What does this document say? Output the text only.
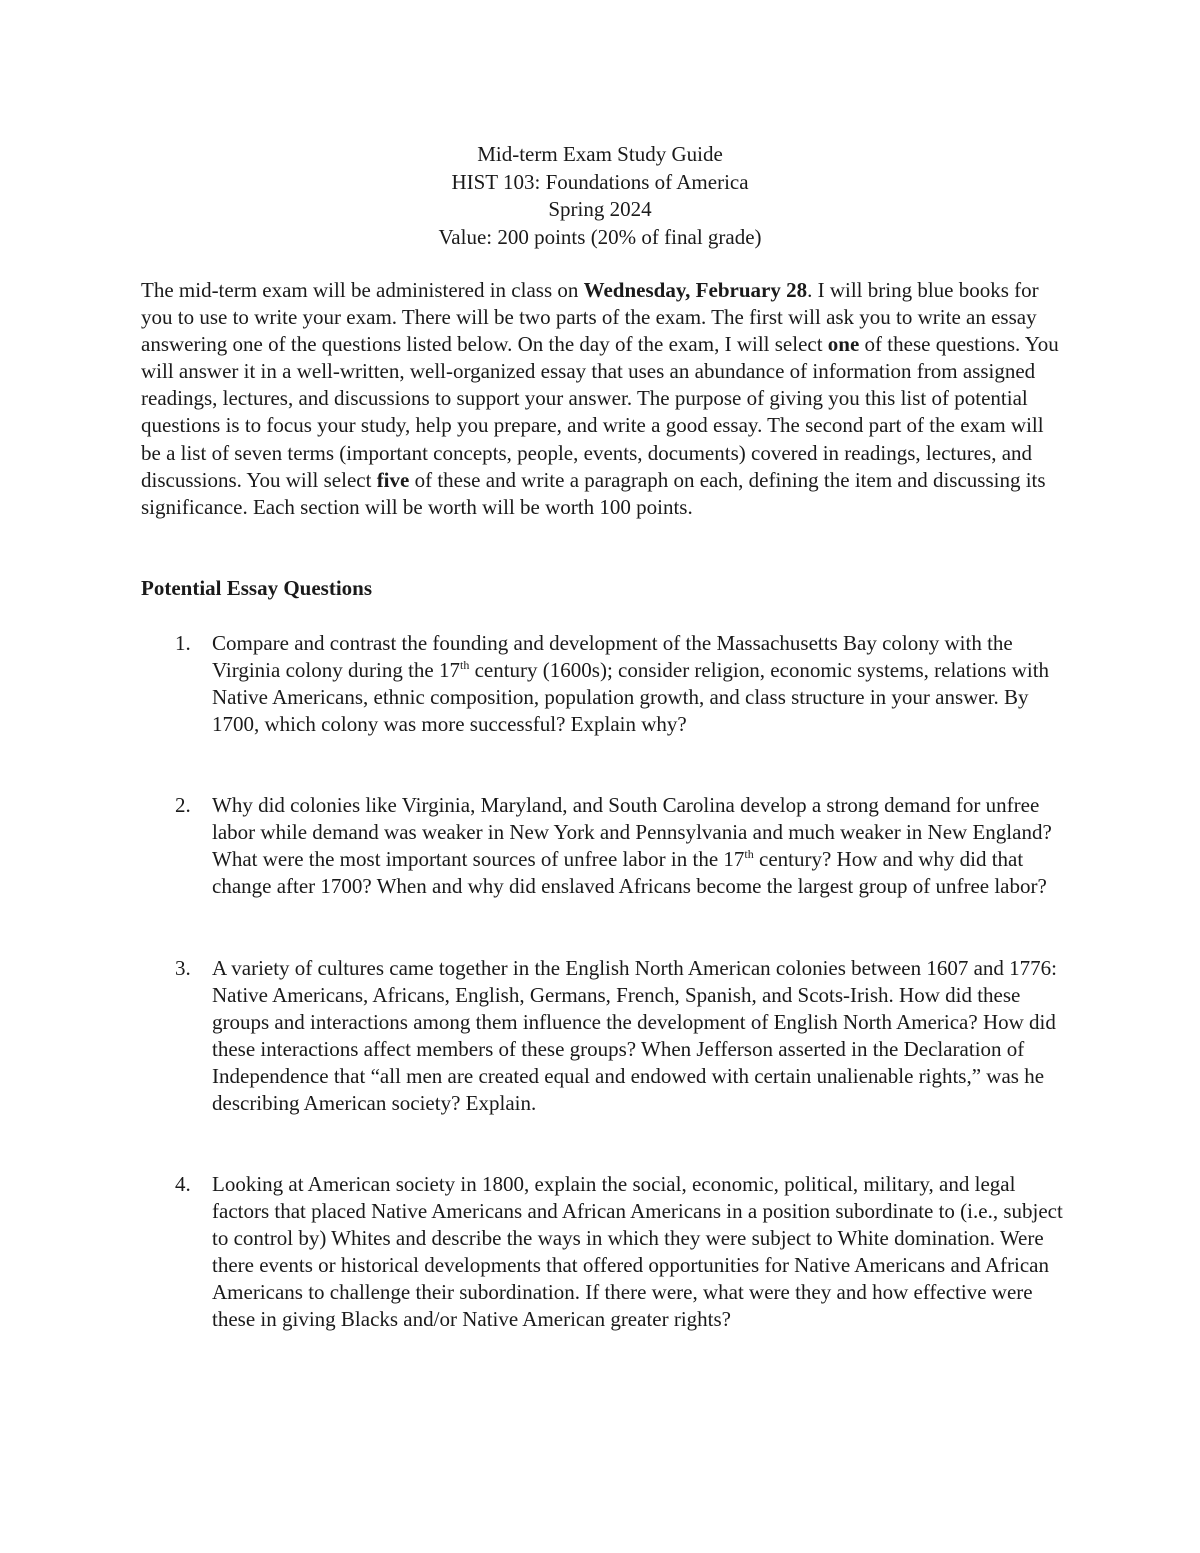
Mid-term Exam Study Guide
HIST 103: Foundations of America
Spring 2024
Value: 200 points (20% of final grade)

The mid-term exam will be administered in class on Wednesday, February 28. I will bring blue books for you to use to write your exam. There will be two parts of the exam. The first will ask you to write an essay answering one of the questions listed below. On the day of the exam, I will select one of these questions. You will answer it in a well-written, well-organized essay that uses an abundance of information from assigned readings, lectures, and discussions to support your answer. The purpose of giving you this list of potential questions is to focus your study, help you prepare, and write a good essay. The second part of the exam will be a list of seven terms (important concepts, people, events, documents) covered in readings, lectures, and discussions. You will select five of these and write a paragraph on each, defining the item and discussing its significance. Each section will be worth will be worth 100 points.

Potential Essay Questions

1. Compare and contrast the founding and development of the Massachusetts Bay colony with the Virginia colony during the 17th century (1600s); consider religion, economic systems, relations with Native Americans, ethnic composition, population growth, and class structure in your answer. By 1700, which colony was more successful? Explain why?
2. Why did colonies like Virginia, Maryland, and South Carolina develop a strong demand for unfree labor while demand was weaker in New York and Pennsylvania and much weaker in New England? What were the most important sources of unfree labor in the 17th century? How and why did that change after 1700? When and why did enslaved Africans become the largest group of unfree labor?
3. A variety of cultures came together in the English North American colonies between 1607 and 1776: Native Americans, Africans, English, Germans, French, Spanish, and Scots-Irish. How did these groups and interactions among them influence the development of English North America? How did these interactions affect members of these groups? When Jefferson asserted in the Declaration of Independence that “all men are created equal and endowed with certain unalienable rights,” was he describing American society? Explain.
4. Looking at American society in 1800, explain the social, economic, political, military, and legal factors that placed Native Americans and African Americans in a position subordinate to (i.e., subject to control by) Whites and describe the ways in which they were subject to White domination. Were there events or historical developments that offered opportunities for Native Americans and African Americans to challenge their subordination. If there were, what were they and how effective were these in giving Blacks and/or Native American greater rights?
